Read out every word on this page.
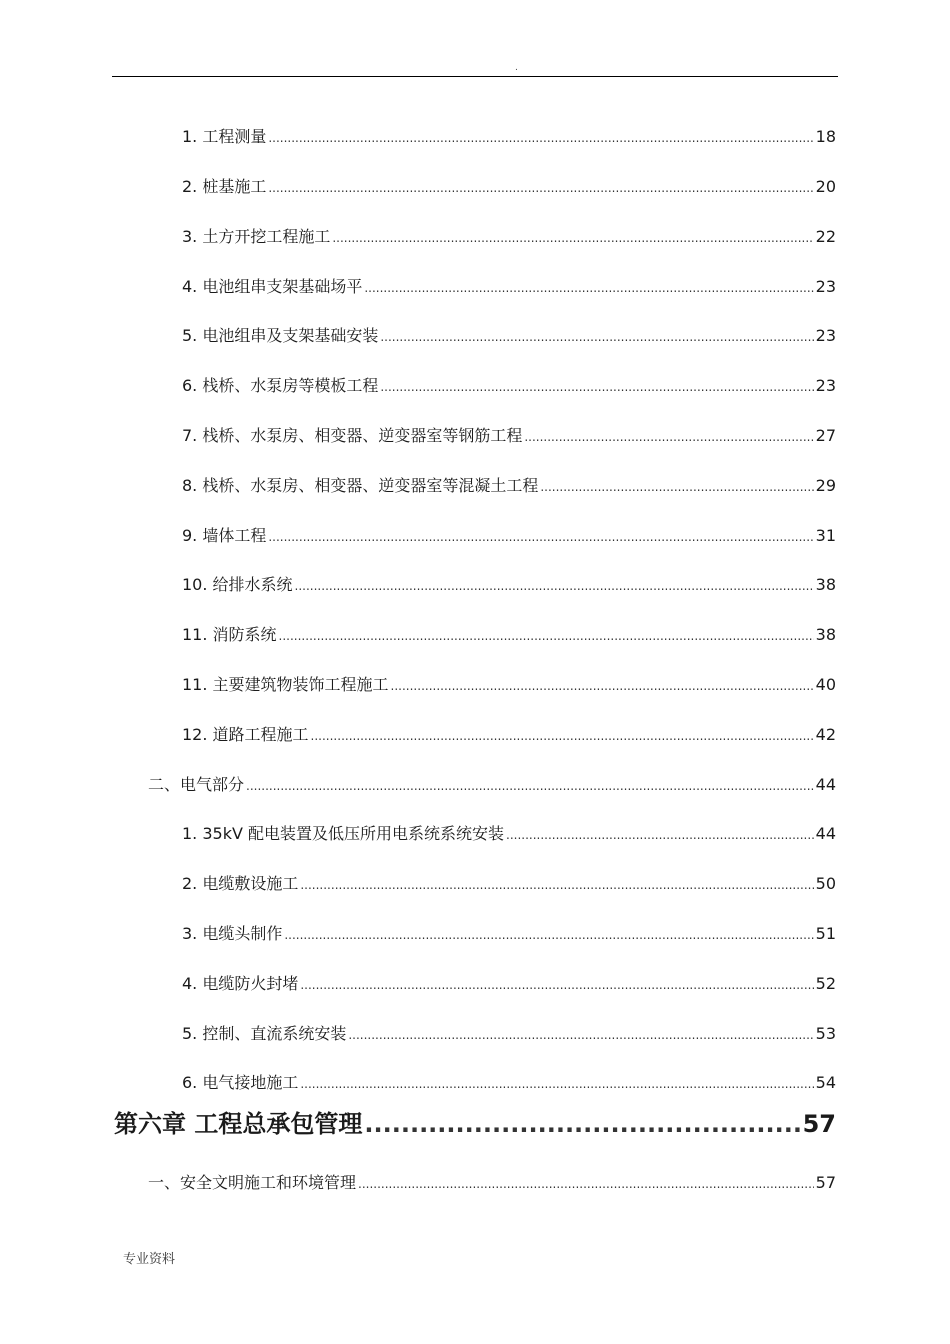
.
1. 工程测量 .....	18
2. 桩基施工 .....	20
3. 土方开挖工程施工 .....	22
4. 电池组串支架基础场平 .....	23
5. 电池组串及支架基础安装 .....	23
6. 栈桥、水泵房等模板工程 .....	23
7. 栈桥、水泵房、相变器、逆变器室等钢筋工程 .....	27
8. 栈桥、水泵房、相变器、逆变器室等混凝土工程 .....	29
9. 墙体工程 .....	31
10. 给排水系统 .....	38
11. 消防系统 .....	38
11. 主要建筑物装饰工程施工 .....	40
12. 道路工程施工 .....	42
二、电气部分 .....	44
1. 35kV 配电装置及低压所用电系统系统安装 .....	44
2. 电缆敷设施工 .....	50
3. 电缆头制作 .....	51
4. 电缆防火封堵 .....	52
5. 控制、直流系统安装 .....	53
6. 电气接地施工 .....	54
第六章 工程总承包管理 .....	57
一、安全文明施工和环境管理 .....	57
专业资料
